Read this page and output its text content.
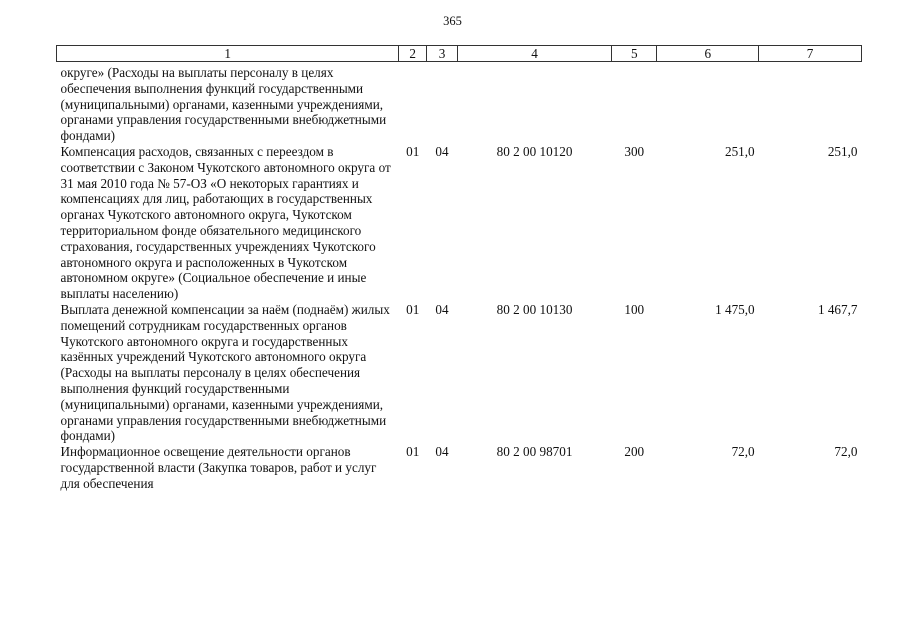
365
1	2	3	4	5	6	7
округе» (Расходы на выплаты персоналу в целях обеспечения выполнения функций государственными (муниципальными) органами, казенными учреждениями, органами управления государственными внебюджетными фондами)						
Компенсация расходов, связанных с переездом в соответствии с Законом Чукотского автономного округа от 31 мая 2010 года № 57-ОЗ «О некоторых гарантиях и компенсациях для лиц, работающих в государственных органах Чукотского автономного округа, Чукотском территориальном фонде обязательного медицинского страхования, государственных учреждениях Чукотского автономного округа и расположенных в Чукотском автономном округе» (Социальное обеспечение и иные выплаты населению)	01	04	80 2 00 10120	300	251,0	251,0
Выплата денежной компенсации за наём (поднаём) жилых помещений сотрудникам государственных органов Чукотского автономного округа и государственных казённых учреждений Чукотского автономного округа (Расходы на выплаты персоналу в целях обеспечения выполнения функций государственными (муниципальными) органами, казенными учреждениями, органами управления государственными внебюджетными фондами)	01	04	80 2 00 10130	100	1 475,0	1 467,7
Информационное освещение деятельности органов государственной власти (Закупка товаров, работ и услуг для обеспечения	01	04	80 2 00 98701	200	72,0	72,0
